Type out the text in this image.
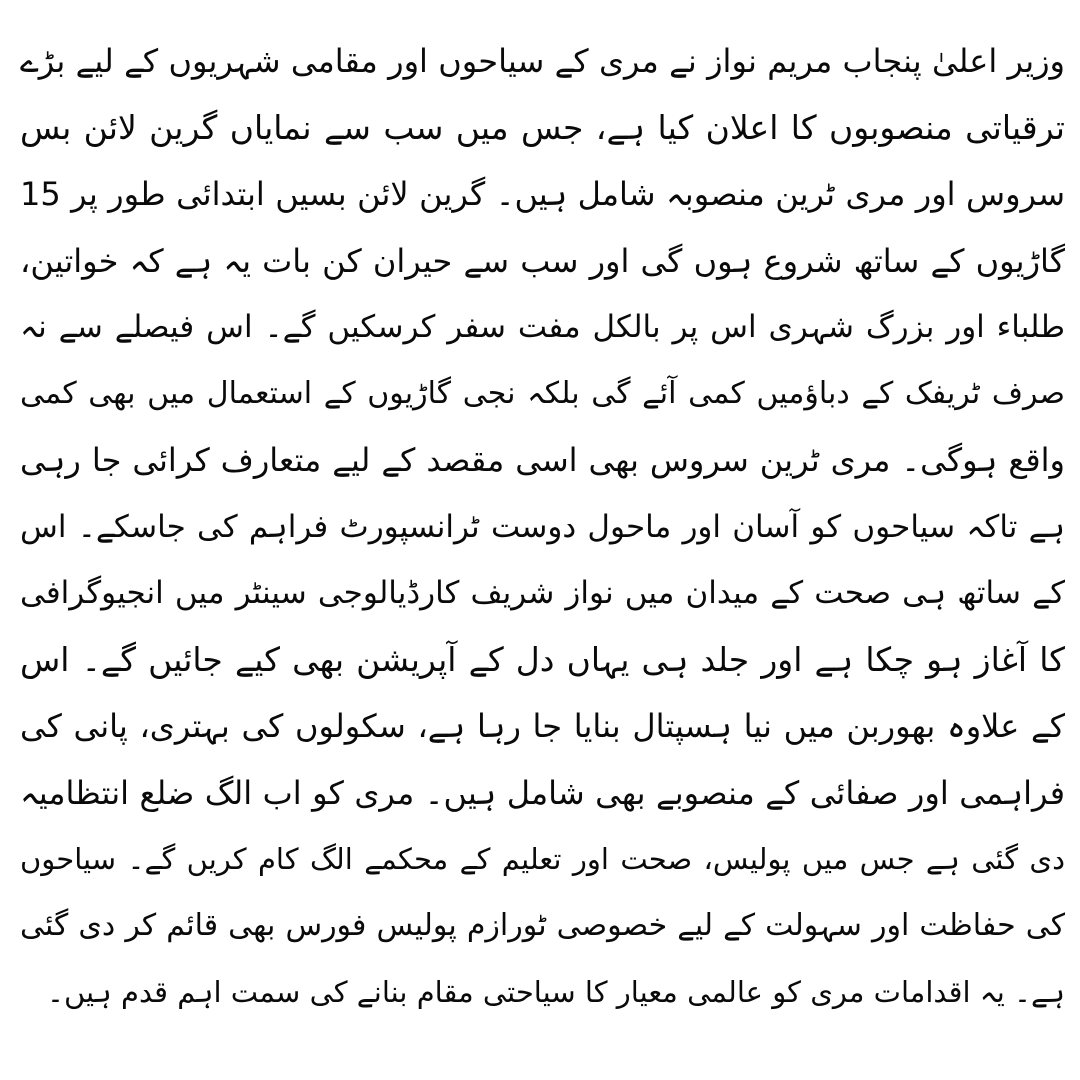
وزیر اعلیٰ پنجاب مریم نواز نے مری کے سیاحوں اور مقامی شہریوں کے لیے بڑے
ترقیاتی منصوبوں کا اعلان کیا ہے، جس میں سب سے نمایاں گرین لائن بس
سروس اور مری ٹرین منصوبہ شامل ہیں۔ گرین لائن بسیں ابتدائی طور پر 15
گاڑیوں کے ساتھ شروع ہوں گی اور سب سے حیران کن بات یہ ہے کہ خواتین،
طلباء اور بزرگ شہری اس پر بالکل مفت سفر کرسکیں گے۔ اس فیصلے سے نہ
صرف ٹریفک کے دباؤمیں کمی آئے گی بلکہ نجی گاڑیوں کے استعمال میں بھی کمی
واقع ہوگی۔ مری ٹرین سروس بھی اسی مقصد کے لیے متعارف کرائی جا رہی
ہے تاکہ سیاحوں کو آسان اور ماحول دوست ٹرانسپورٹ فراہم کی جاسکے۔ اس
کے ساتھ ہی صحت کے میدان میں نواز شریف کارڈیالوجی سینٹر میں انجیوگرافی
کا آغاز ہو چکا ہے اور جلد ہی یہاں دل کے آپریشن بھی کیے جائیں گے۔ اس
کے علاوہ بھوربن میں نیا ہسپتال بنایا جا رہا ہے، سکولوں کی بہتری، پانی کی
فراہمی اور صفائی کے منصوبے بھی شامل ہیں۔ مری کو اب الگ ضلع انتظامیہ
دی گئی ہے جس میں پولیس، صحت اور تعلیم کے محکمے الگ کام کریں گے۔ سیاحوں
کی حفاظت اور سہولت کے لیے خصوصی ٹورازم پولیس فورس بھی قائم کر دی گئی
ہے۔ یہ اقدامات مری کو عالمی معیار کا سیاحتی مقام بنانے کی سمت اہم قدم ہیں۔
